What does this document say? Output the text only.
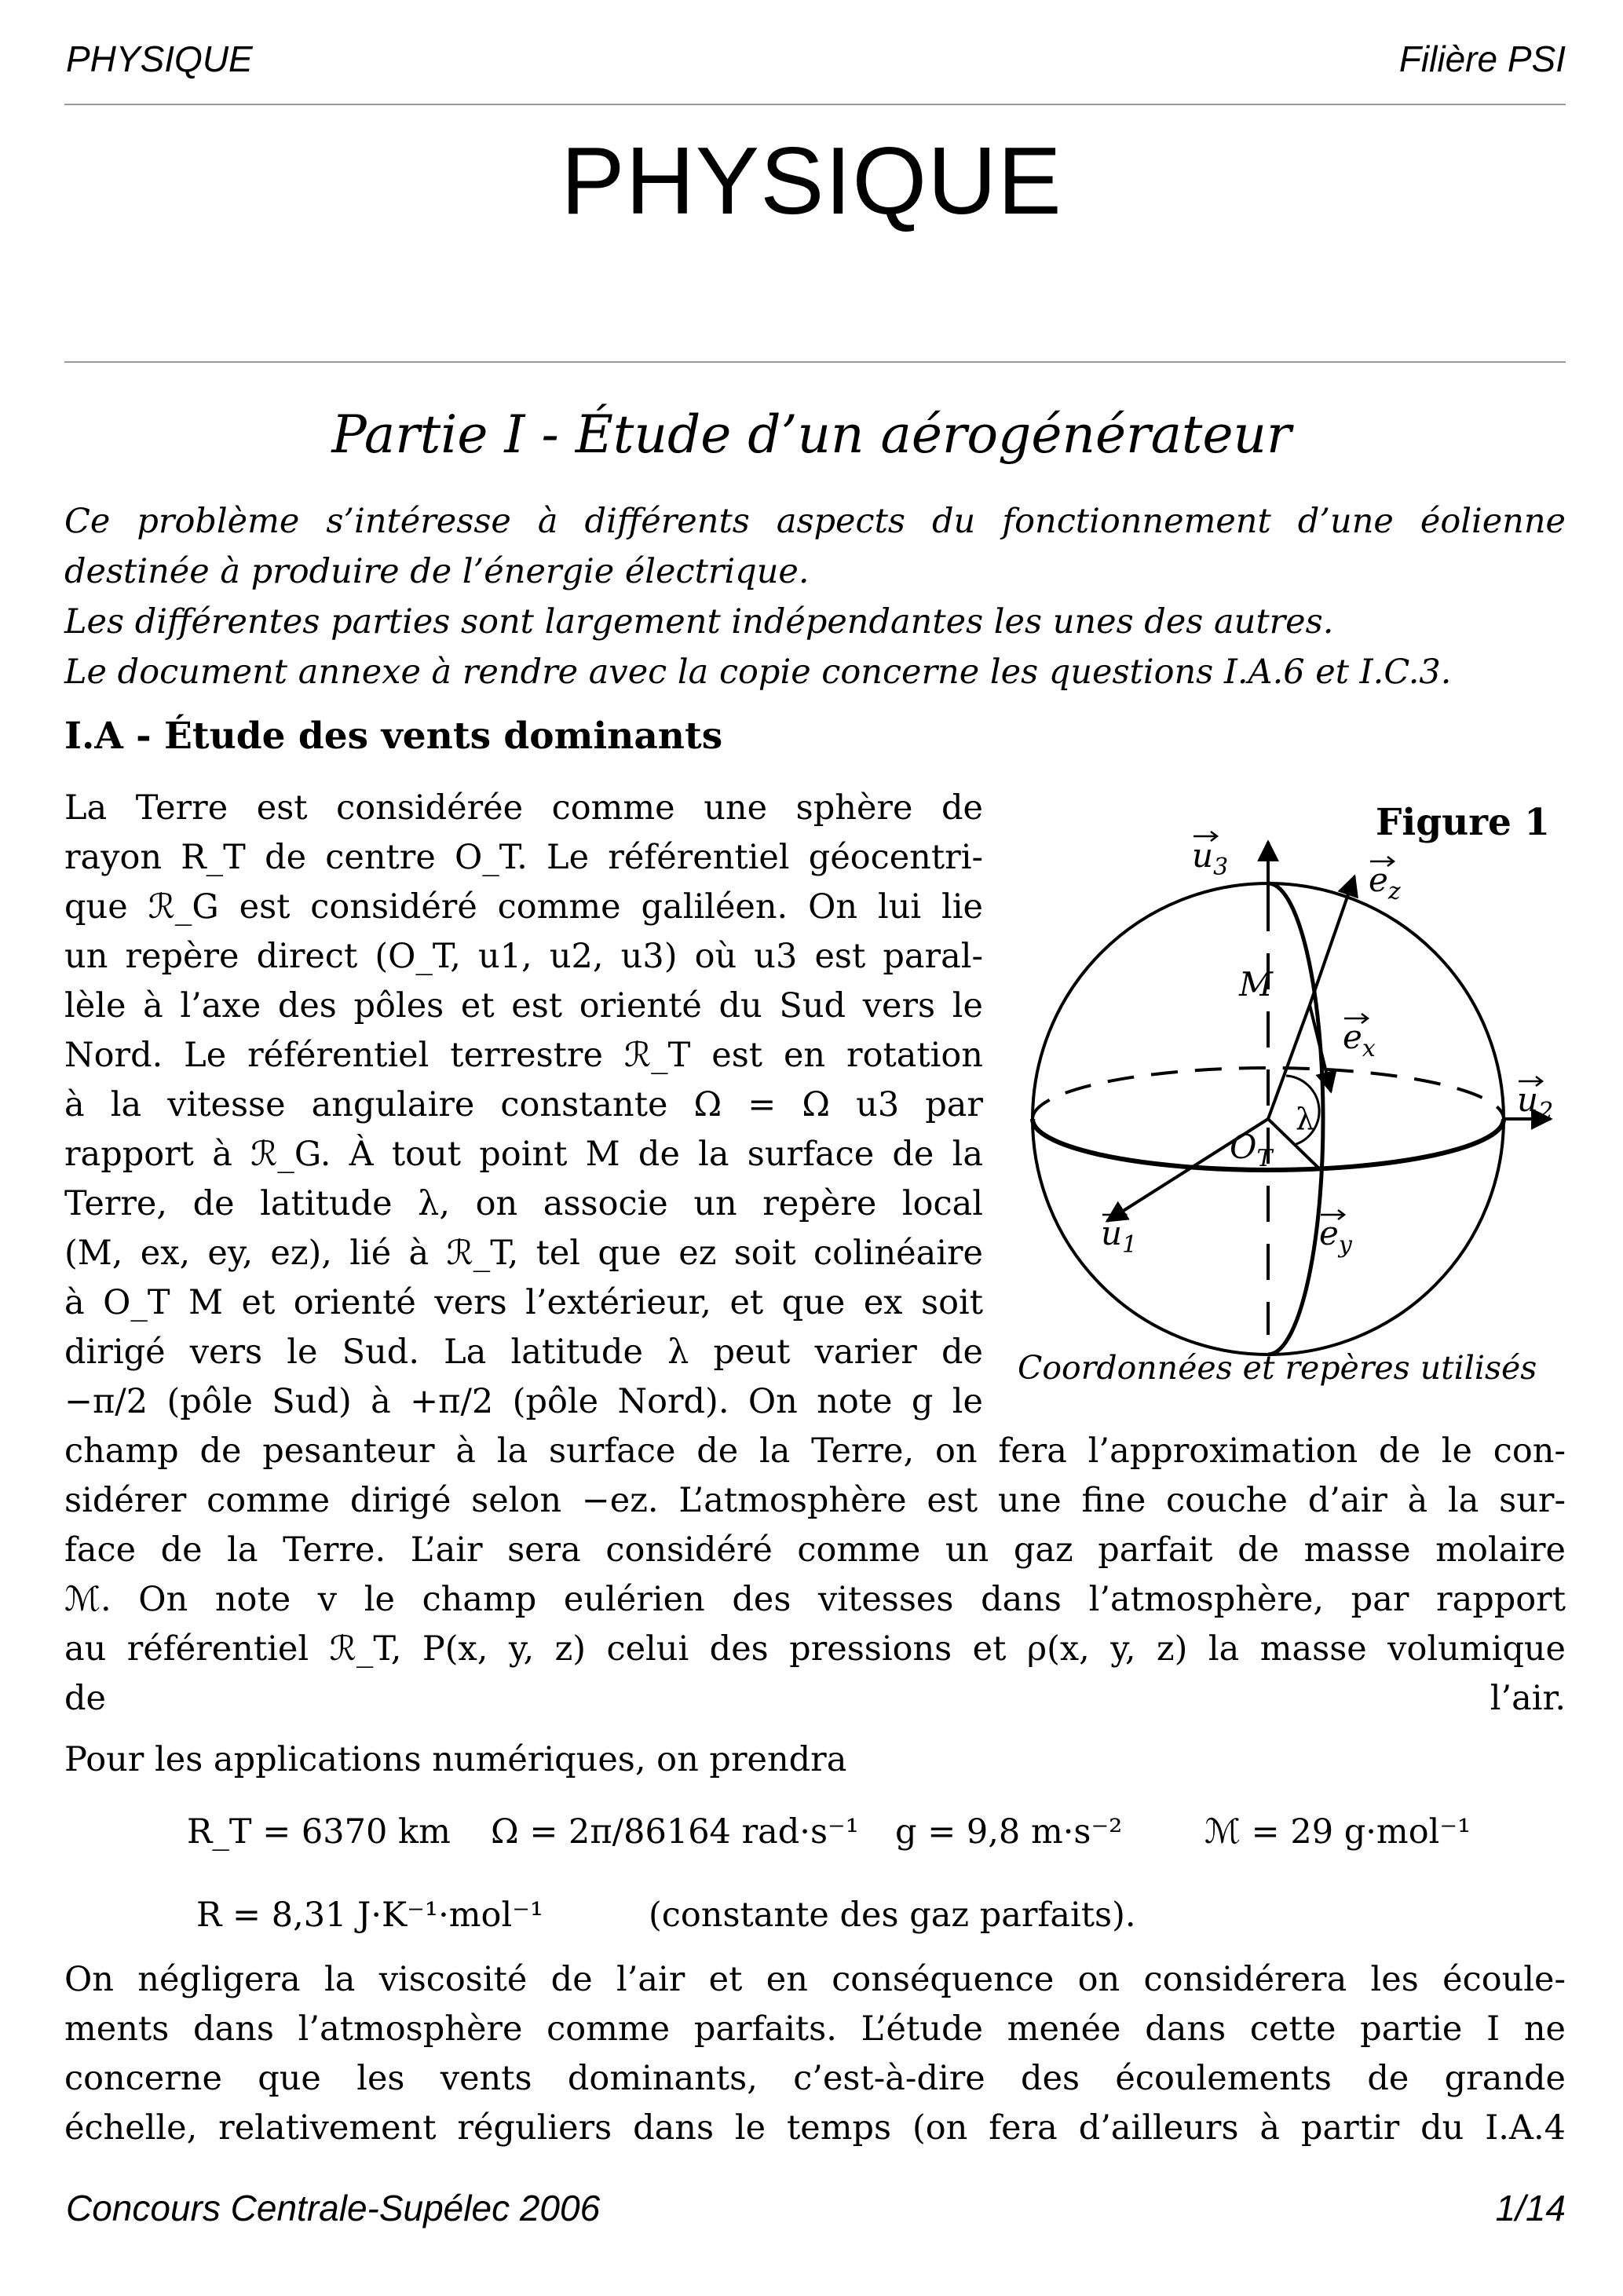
PHYSIQUE	Filière PSI
PHYSIQUE
Partie I - Étude d’un aérogénérateur
Ce problème s’intéresse à différents aspects du fonctionnement d’une éolienne
destinée à produire de l’énergie électrique.
Les différentes parties sont largement indépendantes les unes des autres.
Le document annexe à rendre avec la copie concerne les questions I.A.6 et I.C.3.
I.A - Étude des vents dominants
La Terre est considérée comme une sphère de
rayon R_T de centre O_T. Le référentiel géocentri-
que ℛ_G est considéré comme galiléen. On lui lie
un repère direct (O_T, u1, u2, u3) où u3 est paral-
lèle à l’axe des pôles et est orienté du Sud vers le
Nord. Le référentiel terrestre ℛ_T est en rotation
à la vitesse angulaire constante Ω = Ω u3 par
rapport à ℛ_G. À tout point M de la surface de la
Terre, de latitude λ, on associe un repère local
(M, ex, ey, ez), lié à ℛ_T, tel que ez soit colinéaire
à O_T M et orienté vers l’extérieur, et que ex soit
dirigé vers le Sud. La latitude λ peut varier de
−π/2 (pôle Sud) à +π/2 (pôle Nord). On note g le
champ de pesanteur à la surface de la Terre, on fera l’approximation de le con-
sidérer comme dirigé selon −ez. L’atmosphère est une fine couche d’air à la sur-
face de la Terre. L’air sera considéré comme un gaz parfait de masse molaire
ℳ. On note v le champ eulérien des vitesses dans l’atmosphère, par rapport
au référentiel ℛ_T, P(x, y, z) celui des pressions et ρ(x, y, z) la masse volumique
de l’air.
Pour les applications numériques, on prendra
R_T = 6370 km Ω = 2π/86164 rad·s⁻¹ g = 9,8 m·s⁻² ℳ = 29 g·mol⁻¹
R = 8,31 J·K⁻¹·mol⁻¹	(constante des gaz parfaits).
On négligera la viscosité de l’air et en conséquence on considérera les écoule-
ments dans l’atmosphère comme parfaits. L’étude menée dans cette partie I ne
concerne que les vents dominants, c’est-à-dire des écoulements de grande
échelle, relativement réguliers dans le temps (on fera d’ailleurs à partir du I.A.4
Figure 1
$u_3$	$e_z$
$e_x$
$u_2$
M
$O_T$
$u_1$	$e_y$
λ
Coordonnées et repères utilisés
Concours Centrale-Supélec 2006	1/14
